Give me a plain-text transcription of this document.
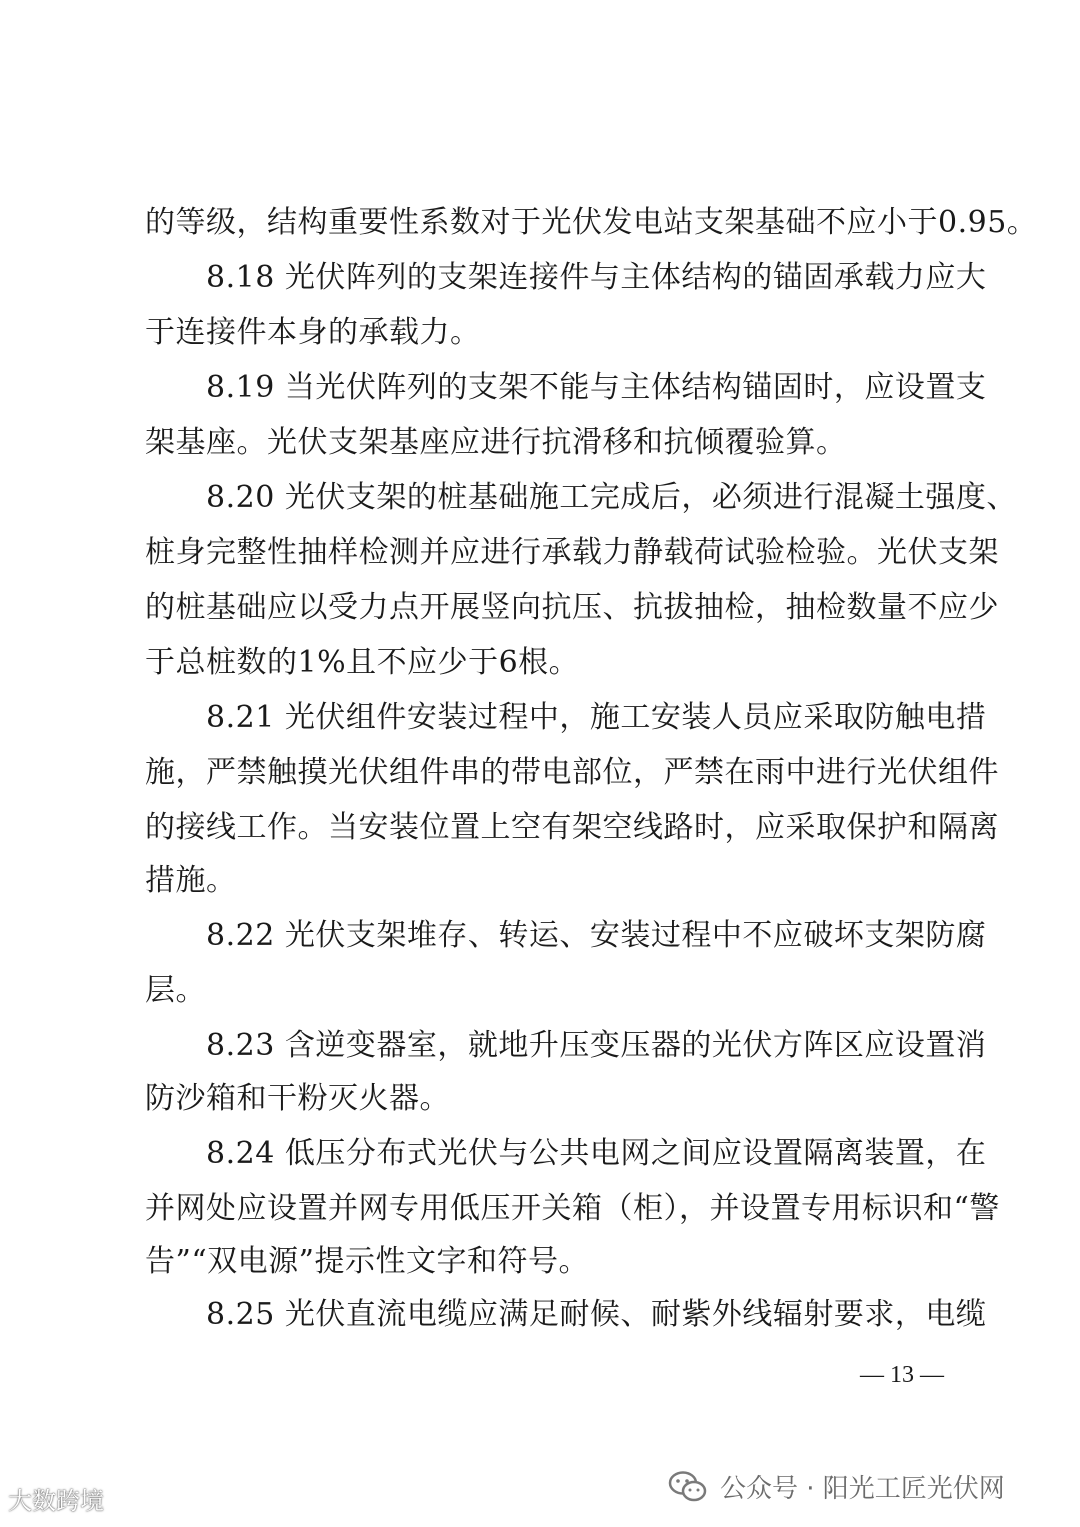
的等级，结构重要性系数对于光伏发电站支架基础不应小于0.95。
8.18 光伏阵列的支架连接件与主体结构的锚固承载力应大
于连接件本身的承载力。
8.19 当光伏阵列的支架不能与主体结构锚固时，应设置支
架基座。光伏支架基座应进行抗滑移和抗倾覆验算。
8.20 光伏支架的桩基础施工完成后，必须进行混凝土强度、
桩身完整性抽样检测并应进行承载力静载荷试验检验。光伏支架
的桩基础应以受力点开展竖向抗压、抗拔抽检，抽检数量不应少
于总桩数的1%且不应少于6根。
8.21 光伏组件安装过程中，施工安装人员应采取防触电措
施，严禁触摸光伏组件串的带电部位，严禁在雨中进行光伏组件
的接线工作。当安装位置上空有架空线路时，应采取保护和隔离
措施。
8.22 光伏支架堆存、转运、安装过程中不应破坏支架防腐
层。
8.23 含逆变器室，就地升压变压器的光伏方阵区应设置消
防沙箱和干粉灭火器。
8.24 低压分布式光伏与公共电网之间应设置隔离装置，在
并网处应设置并网专用低压开关箱（柜），并设置专用标识和“警
告”“双电源”提示性文字和符号。
8.25 光伏直流电缆应满足耐候、耐紫外线辐射要求，电缆
— 13 —
大数跨境	公众号 · 阳光工匠光伏网
